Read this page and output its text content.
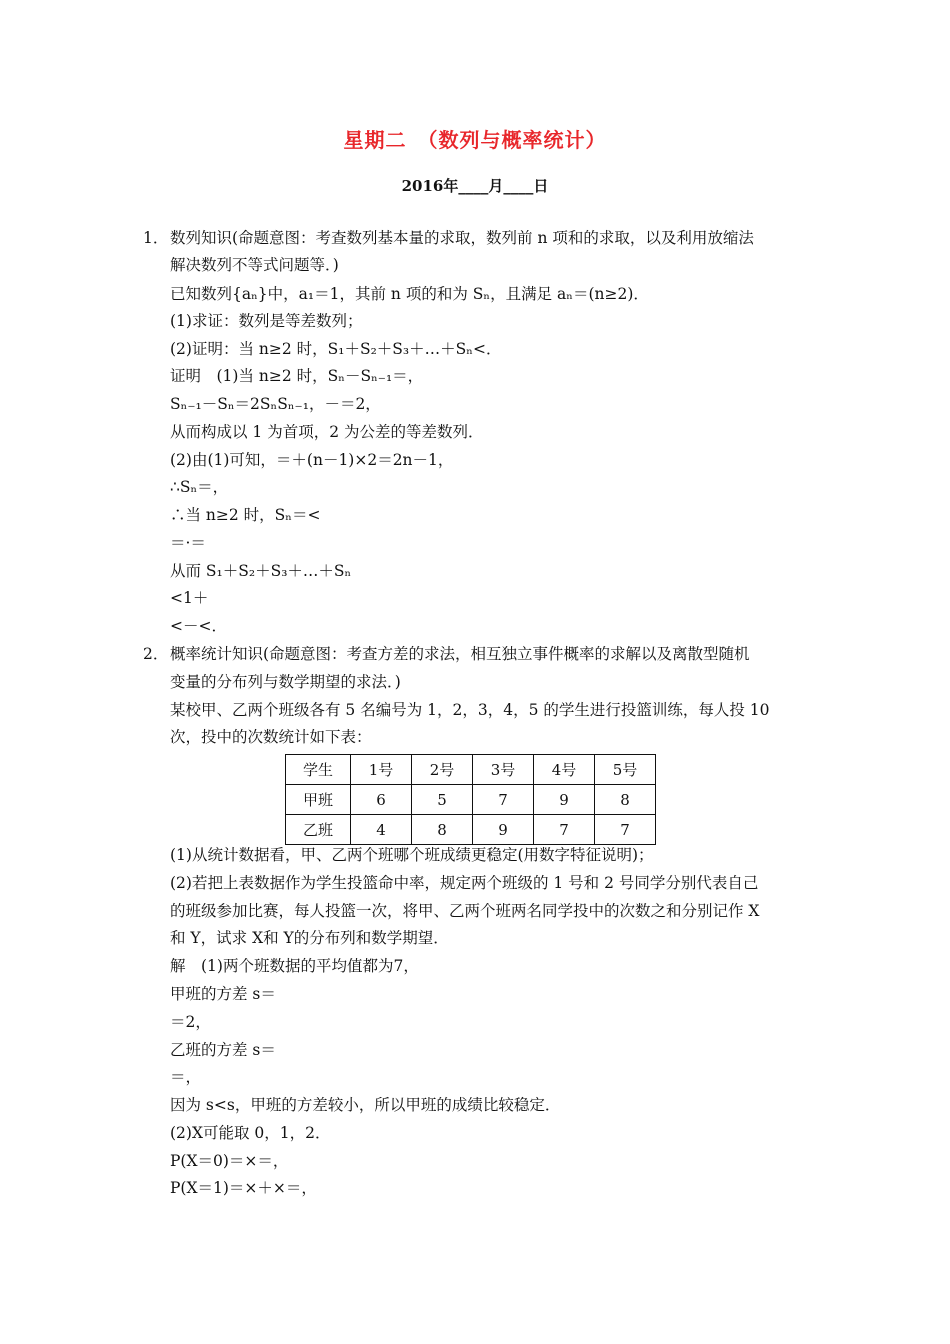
星期二　（数列与概率统计）
2016年____月____日
1． 数列知识(命题意图：考查数列基本量的求取，数列前 n 项和的求取，以及利用放缩法
解决数列不等式问题等．)
已知数列{aₙ}中，a₁＝1，其前 n 项的和为 Sₙ，且满足 aₙ＝(n≥2)．
(1)求证：数列是等差数列；
(2)证明：当 n≥2 时，S₁＋S₂＋S₃＋…＋Sₙ<．
证明　(1)当 n≥2 时，Sₙ－Sₙ₋₁＝，
Sₙ₋₁－Sₙ＝2SₙSₙ₋₁，－＝2，
从而构成以 1 为首项，2 为公差的等差数列．
(2)由(1)可知，＝＋(n－1)×2＝2n－1，
∴Sₙ＝，
∴当 n≥2 时，Sₙ＝<
＝·＝
从而 S₁＋S₂＋S₃＋…＋Sₙ
<1＋
<－<．
2． 概率统计知识(命题意图：考查方差的求法，相互独立事件概率的求解以及离散型随机
变量的分布列与数学期望的求法．)
某校甲、乙两个班级各有 5 名编号为 1，2，3，4，5 的学生进行投篮训练，每人投 10
次，投中的次数统计如下表：
学生	1号	2号	3号	4号	5号
甲班	6	5	7	9	8
乙班	4	8	9	7	7
(1)从统计数据看，甲、乙两个班哪个班成绩更稳定(用数字特征说明)；
(2)若把上表数据作为学生投篮命中率，规定两个班级的 1 号和 2 号同学分别代表自己
的班级参加比赛，每人投篮一次，将甲、乙两个班两名同学投中的次数之和分别记作 X
和 Y，试求 X和 Y的分布列和数学期望．
解　(1)两个班数据的平均值都为7，
甲班的方差 s＝
＝2，
乙班的方差 s＝
＝，
因为 s<s，甲班的方差较小，所以甲班的成绩比较稳定．
(2)X可能取 0，1，2．
P(X＝0)＝×＝，
P(X＝1)＝×＋×＝，
